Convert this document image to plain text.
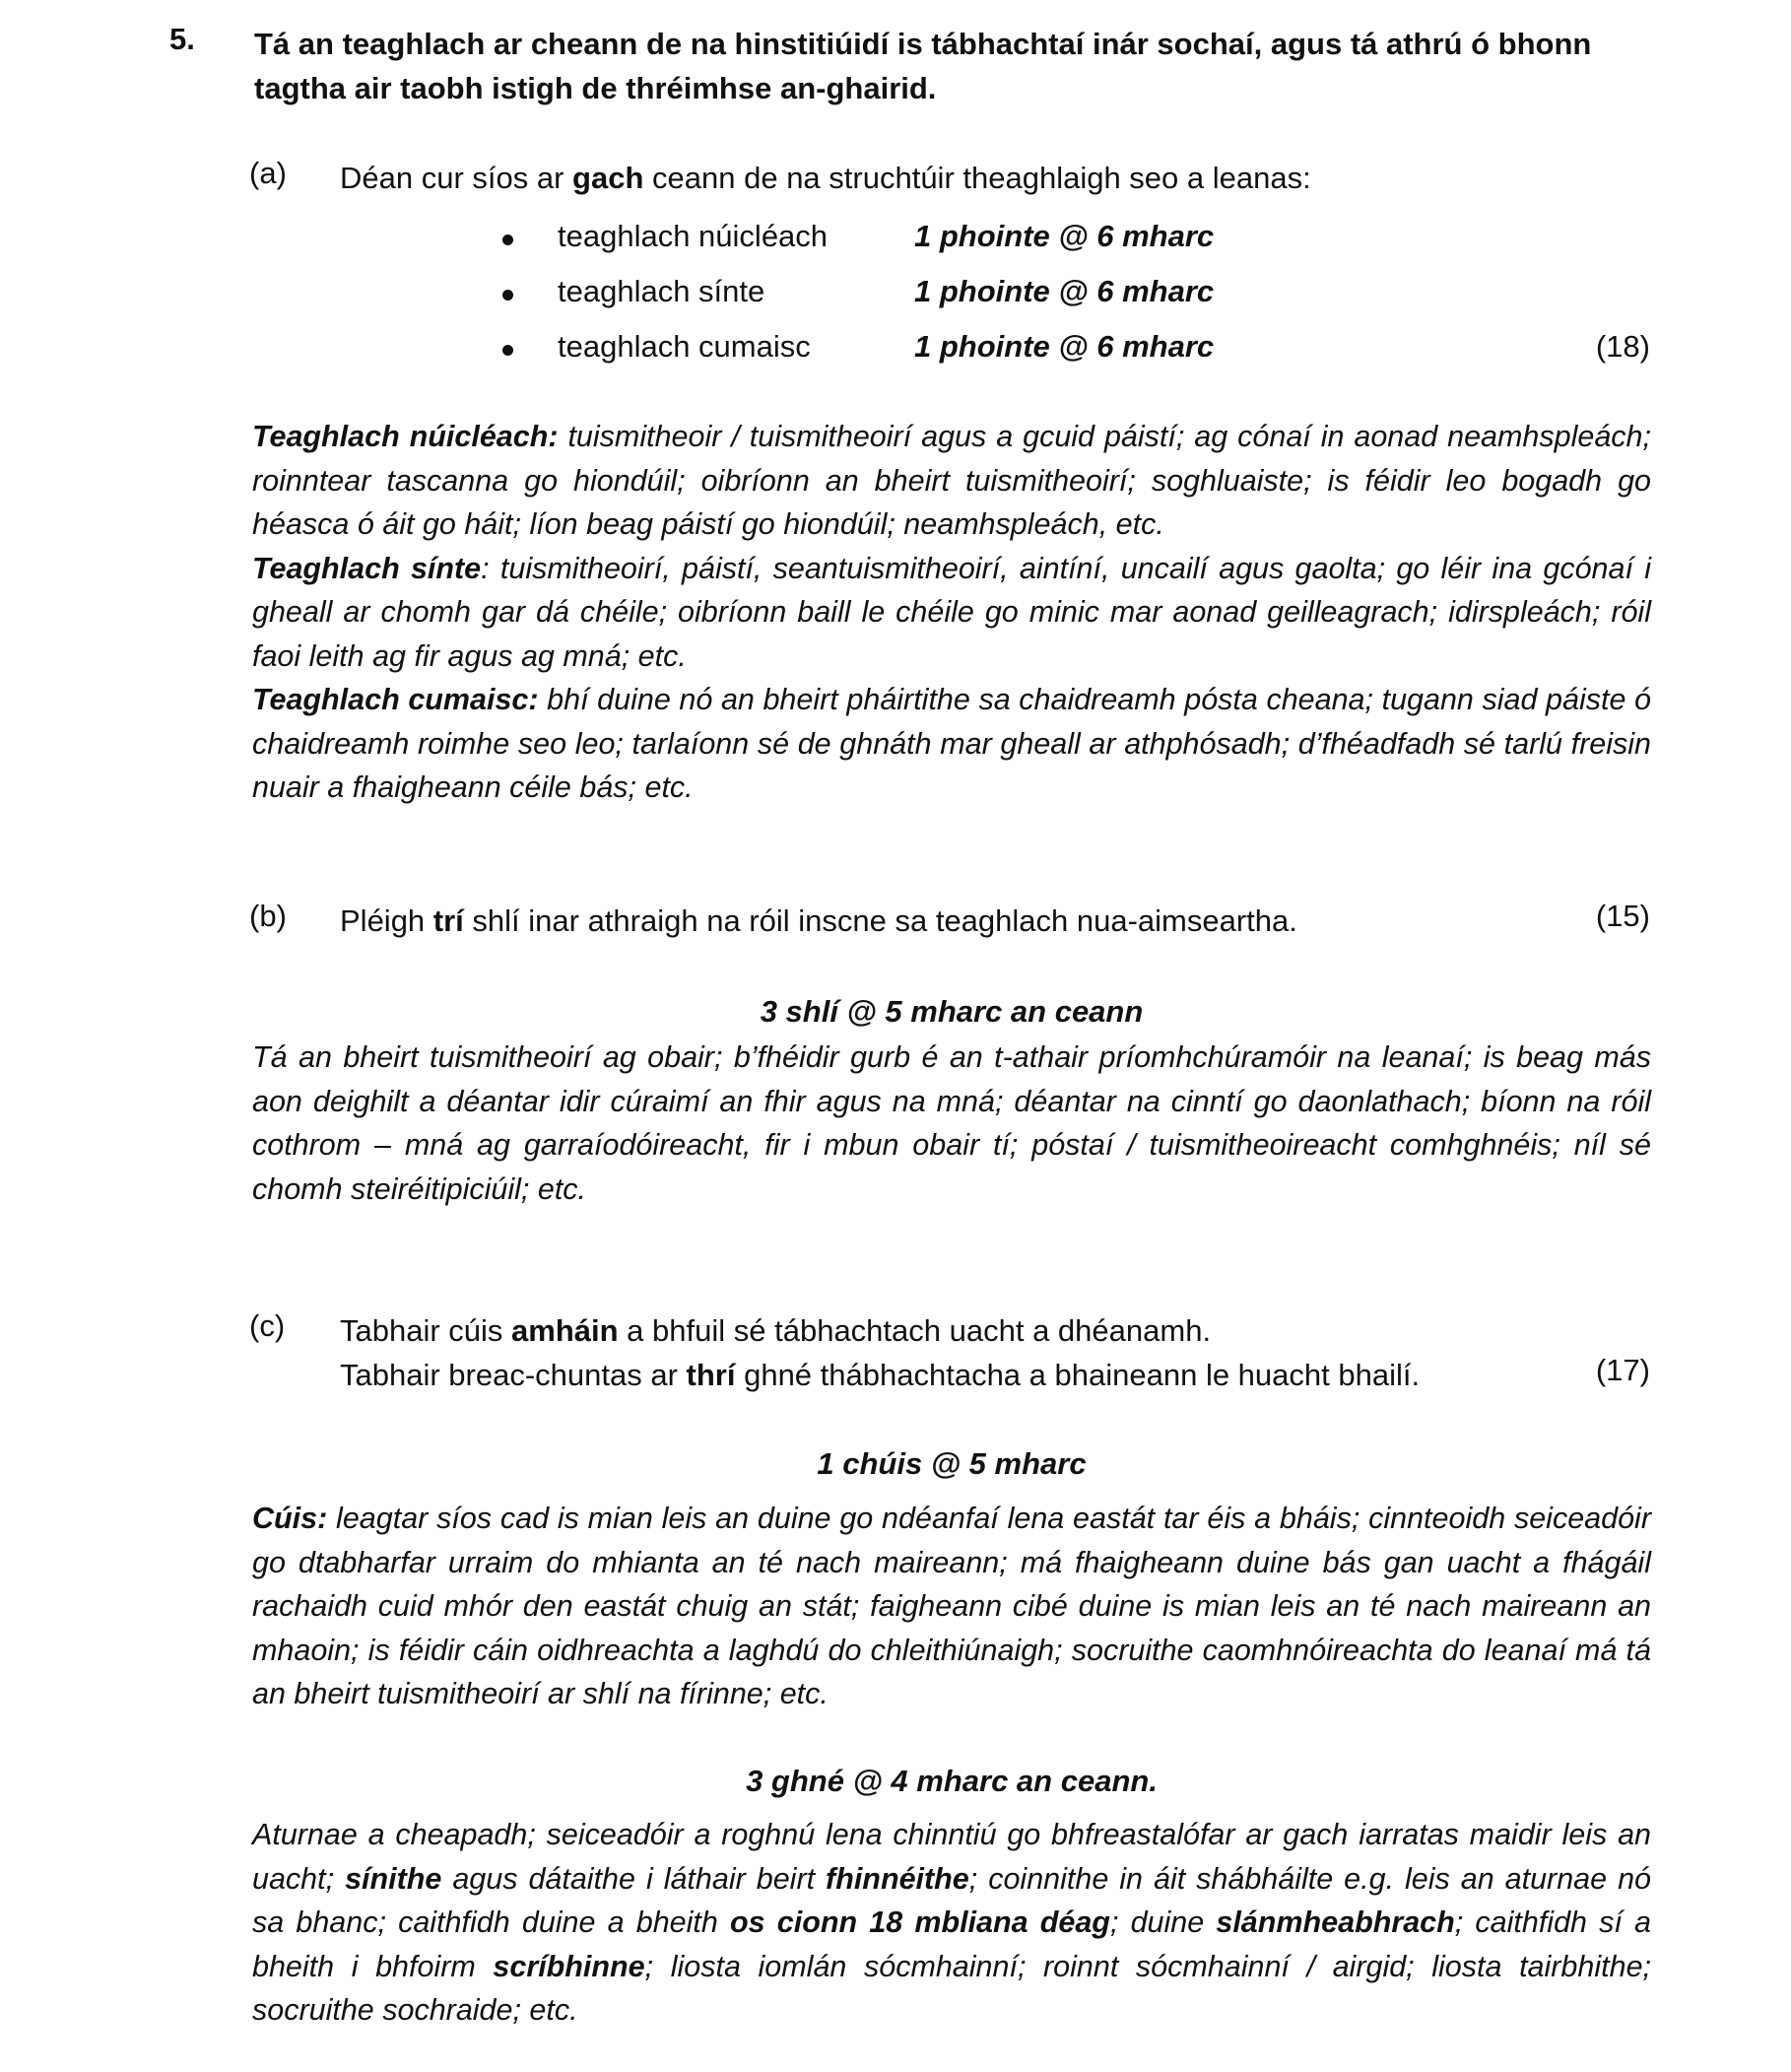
5. Tá an teaghlach ar cheann de na hinstitiúidí is tábhachtaí inár sochaí, agus tá athrú ó bhonn tagtha air taobh istigh de thréimhse an-ghairid.
(a) Déan cur síos ar gach ceann de na struchtúir theaghlaigh seo a leanas:
teaghlach núicléach	1 phointe @ 6 mharc
teaghlach sínte	1 phointe @ 6 mharc
teaghlach cumaisc	1 phointe @ 6 mharc	(18)

Teaghlach núicléach: tuismitheoir / tuismitheoirí agus a gcuid páistí; ag cónaí in aonad neamhspleách; roinntear tascanna go hiondúil; oibríonn an bheirt tuismitheoirí; soghluaiste; is féidir leo bogadh go héasca ó áit go háit; líon beag páistí go hiondúil; neamhspleách, etc.

Teaghlach sínte: tuismitheoirí, páistí, seantuismitheoirí, aintíní, uncailí agus gaolta; go léir ina gcónaí i ghеall ar chomh gar dá chéile; oibríonn baill le chéile go minic mar aonad geilleagrach; idirspleách; róil faoi leith ag fir agus ag mná; etc.

Teaghlach cumaisc: bhí duine nó an bheirt pháirtithe sa chaidreamh pósta cheana; tugann siad páiste ó chaidreamh roimhe seo leo; tarlaíonn sé de ghnáth mar gheall ar athphósadh; d’fhéadfadh sé tarlú freisin nuair a fhaigheann céile bás; etc.

(b) Pléigh trí shlí inar athraigh na róil inscne sa teaghlach nua-aimseartha.	(15)
3 shlí @ 5 mharc an ceann

Tá an bheirt tuismitheoirí ag obair; b’fhéidir gurb é an t-athair príomhchúramóir na leanaí; is beag más aon deighilt a déantar idir cúraimí an fhir agus na mná; déantar na cinntí go daonlathach; bíonn na róil cothrom – mná ag garraíodóireacht, fir i mbun obair tí; póstaí / tuismitheoireacht comhghnéis; níl sé chomh steiréitipiciúil; etc.

(c) Tabhair cúis amháin a bhfuil sé tábhachtach uacht a dhéanamh.
Tabhair breac-chuntas ar thrí ghné thábhachtacha a bhaineann le huacht bhailí.	(17)
1 chúis @ 5 mharc

Cúis: leagtar síos cad is mian leis an duine go ndéanfaí lena eastát tar éis a bháis; cinnteoidh seiceadóir go dtabharfar urraim do mhianta an té nach maireann; má fhaigheann duine bás gan uacht a fhágáil rachaidh cuid mhór den eastát chuig an stát; faigheann cibé duine is mian leis an té nach maireann an mhaoin; is féidir cáin oidhreachta a laghdú do chleithiúnaigh; socruithe caomhnóireachta do leanaí má tá an bheirt tuismitheoirí ar shlí na fírinne; etc.

3 ghné @ 4 mharc an ceann.

Aturnae a cheapadh; seiceadóir a roghnú lena chinntiú go bhfreastalófar ar gach iarratas maidir leis an uacht; sínithe agus dátaithe i láthair beirt fhinnéithe; coinnithe in áit shábháilte e.g. leis an aturnae nó sa bhanc; caithfidh duine a bheith os cionn 18 mbliana déag; duine slánmheabhrach; caithfidh sí a bheith i bhfoirm scríbhinne; liosta iomlán sócmhainní; roinnt sócmhainní / airgid; liosta tairbhithe; socruithe sochraide; etc.
